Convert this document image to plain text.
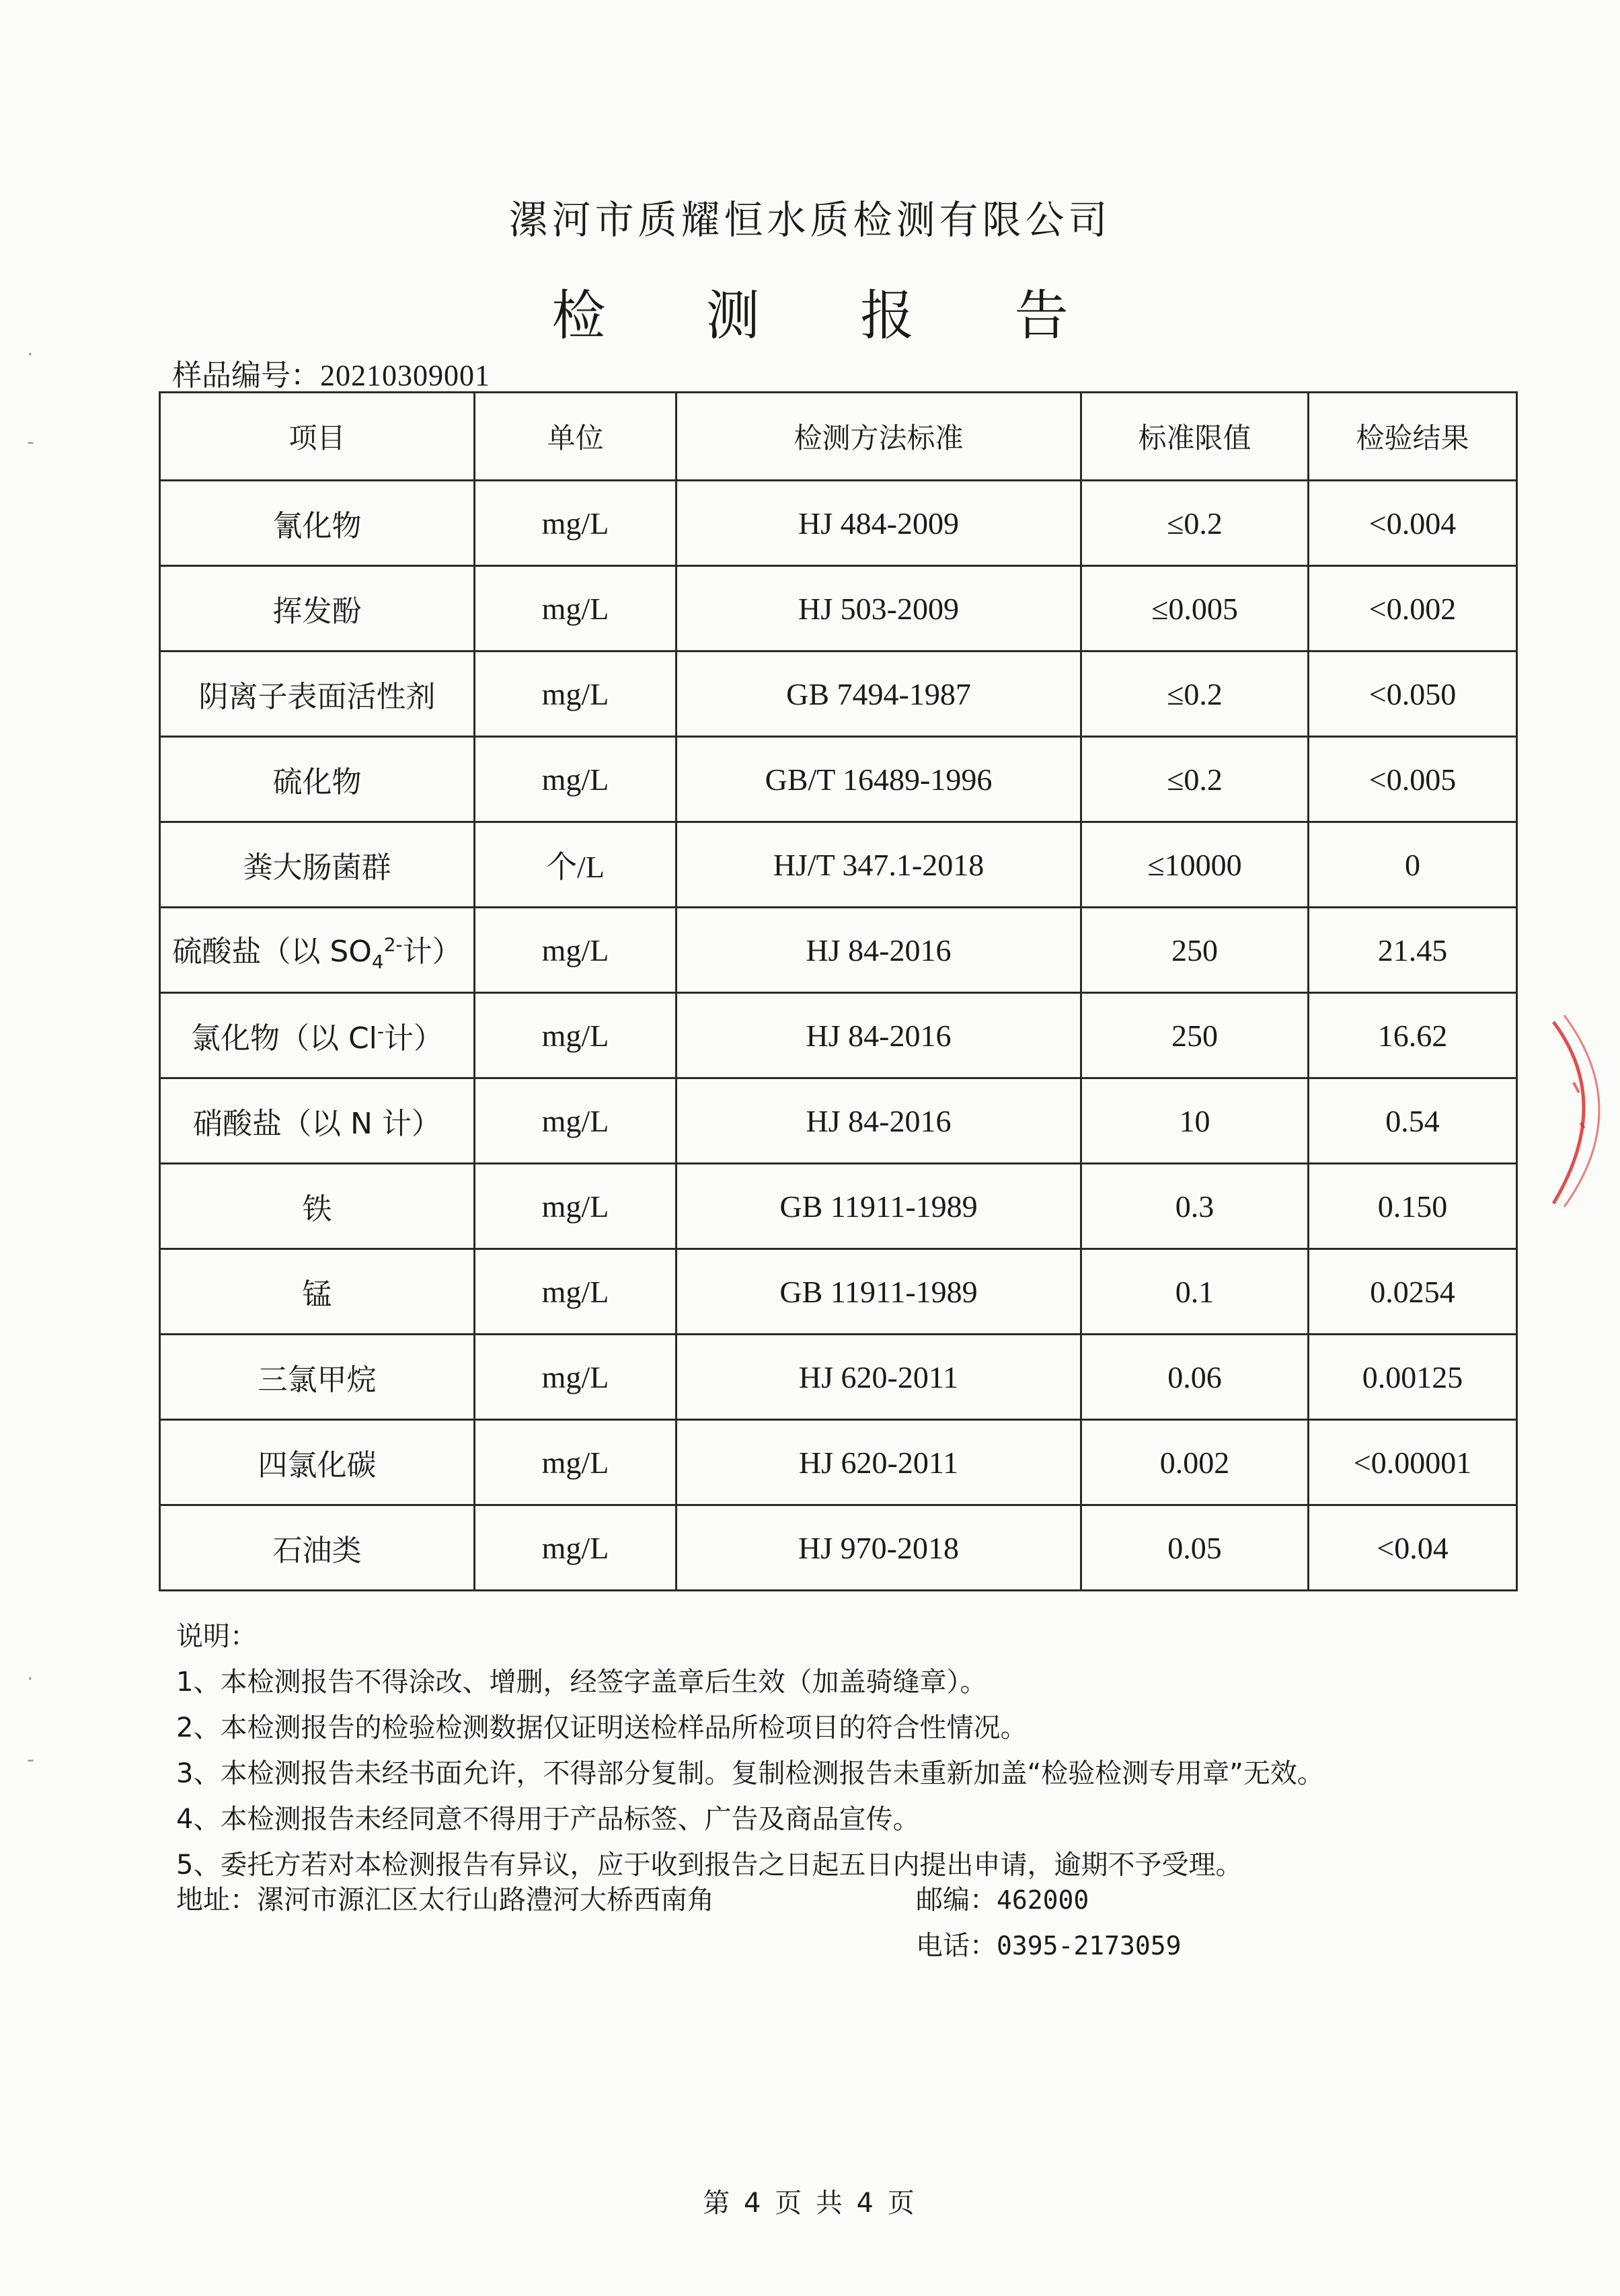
漯河市质耀恒水质检测有限公司
检 测 报 告
样品编号：20210309001
项目	单位	检测方法标准	标准限值	检验结果
氰化物	mg/L	HJ 484-2009	≤0.2	<0.004
挥发酚	mg/L	HJ 503-2009	≤0.005	<0.002
阴离子表面活性剂	mg/L	GB 7494-1987	≤0.2	<0.050
硫化物	mg/L	GB/T 16489-1996	≤0.2	<0.005
粪大肠菌群	个/L	HJ/T 347.1-2018	≤10000	0
硫酸盐（以 $SO_4^{2-}$计）	mg/L	HJ 84-2016	250	21.45
氯化物（以 Cl-计）	mg/L	HJ 84-2016	250	16.62
硝酸盐（以 N 计）	mg/L	HJ 84-2016	10	0.54
铁	mg/L	GB 11911-1989	0.3	0.150
锰	mg/L	GB 11911-1989	0.1	0.0254
三氯甲烷	mg/L	HJ 620-2011	0.06	0.00125
四氯化碳	mg/L	HJ 620-2011	0.002	<0.00001
石油类	mg/L	HJ 970-2018	0.05	<0.04
说明：
1、本检测报告不得涂改、增删，经签字盖章后生效（加盖骑缝章）。
2、本检测报告的检验检测数据仅证明送检样品所检项目的符合性情况。
3、本检测报告未经书面允许，不得部分复制。复制检测报告未重新加盖“检验检测专用章”无效。
4、本检测报告未经同意不得用于产品标签、广告及商品宣传。
5、委托方若对本检测报告有异议，应于收到报告之日起五日内提出申请，逾期不予受理。
地址：漯河市源汇区太行山路澧河大桥西南角	邮编：462000
电话：0395-2173059
第 4 页 共 4 页
·
-
·
-
